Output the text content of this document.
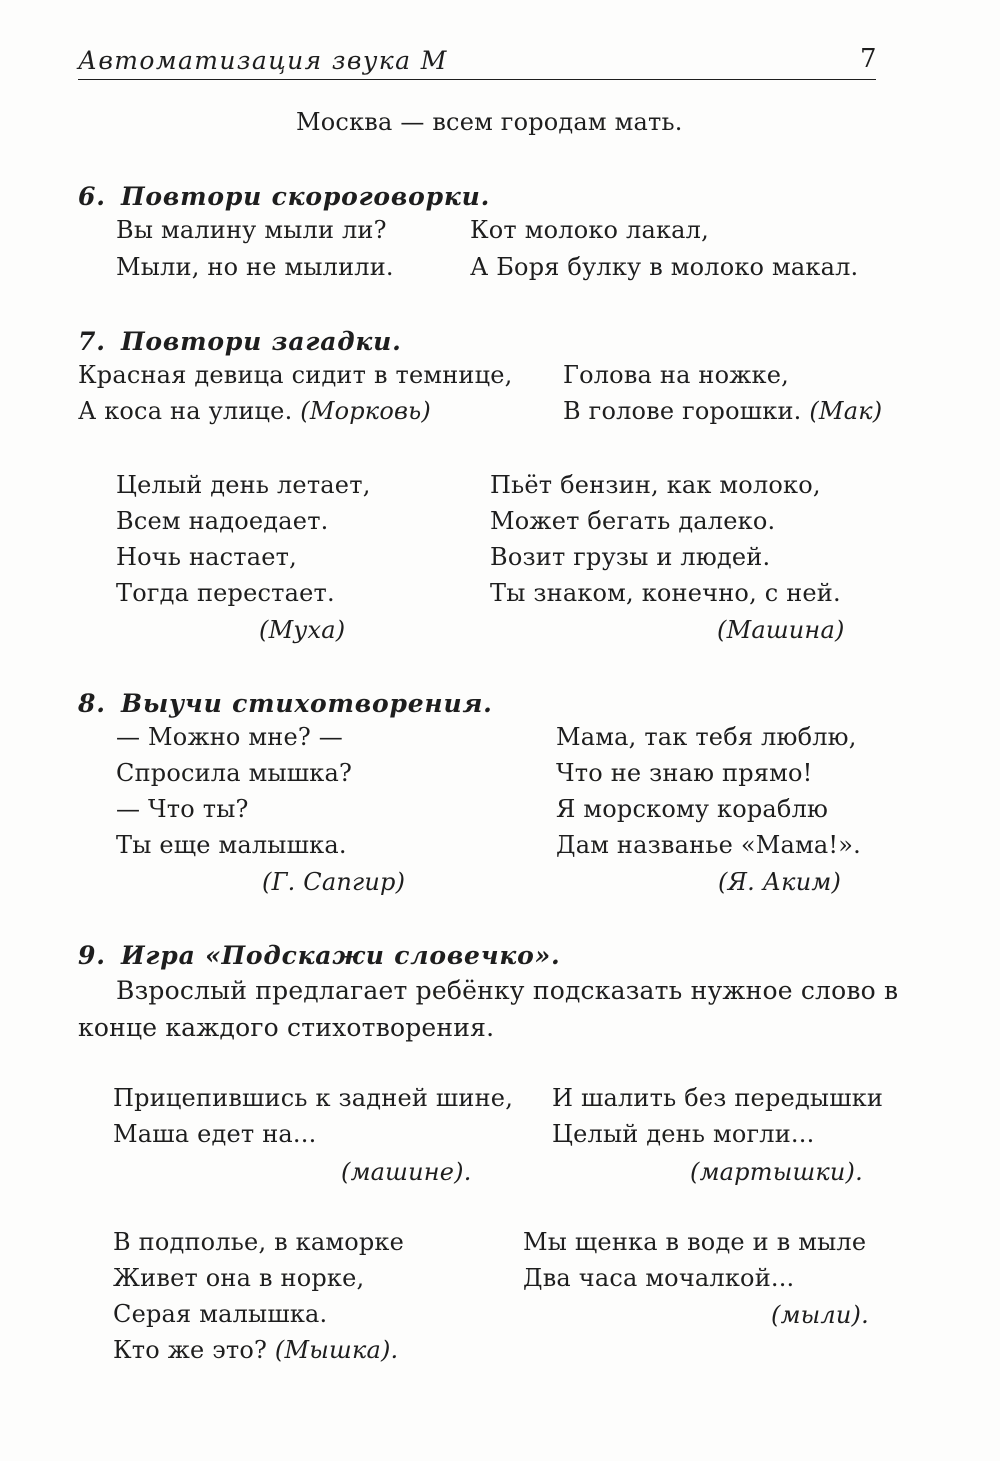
Автоматизация звука М	7
Москва — всем городам мать.
6. Повтори скороговорки.
Вы малину мыли ли?
Мыли, но не мылили.
Кот молоко лакал,
А Боря булку в молоко макал.
7. Повтори загадки.
Красная девица сидит в темнице,
А коса на улице. (Морковь)
Голова на ножке,
В голове горошки. (Мак)
Целый день летает,
Всем надоедает.
Ночь настает,
Тогда перестает.
(Муха)
Пьёт бензин, как молоко,
Может бегать далеко.
Возит грузы и людей.
Ты знаком, конечно, с ней.
(Машина)
8. Выучи стихотворения.
— Можно мне? —
Спросила мышка?
— Что ты?
Ты еще малышка.
(Г. Сапгир)
Мама, так тебя люблю,
Что не знаю прямо!
Я морскому кораблю
Дам названье «Мама!».
(Я. Аким)
9. Игра «Подскажи словечко».
Взрослый предлагает ребёнку подсказать нужное слово в
конце каждого стихотворения.
Прицепившись к задней шине,
Маша едет на...
(машине).
И шалить без передышки
Целый день могли...
(мартышки).
В подполье, в каморке
Живет она в норке,
Серая малышка.
Кто же это? (Мышка).
Мы щенка в воде и в мыле
Два часа мочалкой...
(мыли).
